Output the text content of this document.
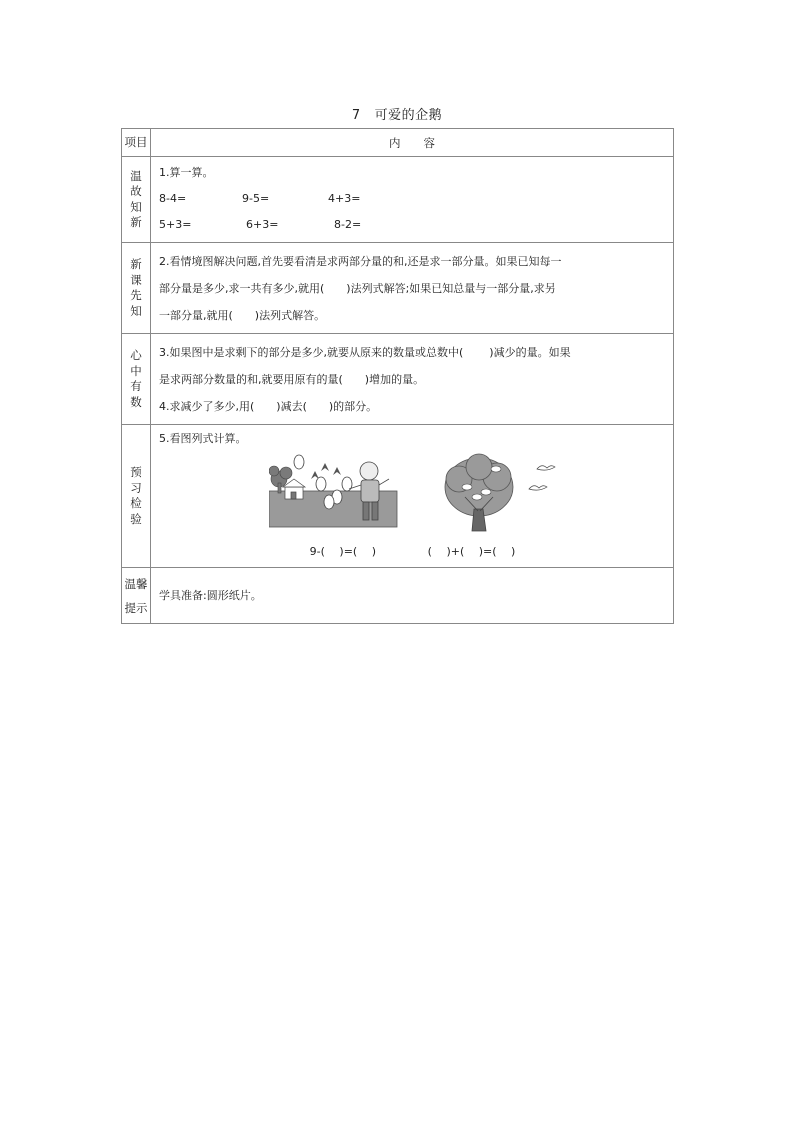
7 可爱的企鹅
项目	内　　容
温故知新	1.算一算。
8-4= 9-5= 4+3=
5+3= 6+3= 8-2=

新课先知	2.看情境图解决问题,首先要看清是求两部分量的和,还是求一部分量。如果已知每一
部分量是多少,求一共有多少,就用( )法列式解答;如果已知总量与一部分量,求另
一部分量,就用( )法列式解答。

心中有数	3.如果图中是求剩下的部分是多少,就要从原来的数量或总数中( )减少的量。如果
是求两部分数量的和,就要用原有的量( )增加的量。
4.求减少了多少,用( )减去( )的部分。

预习检验	5.看图列式计算。
9-(　 )=(　 ) (　 )+(　 )=(　 )

温馨提示	学具准备:圆形纸片。
